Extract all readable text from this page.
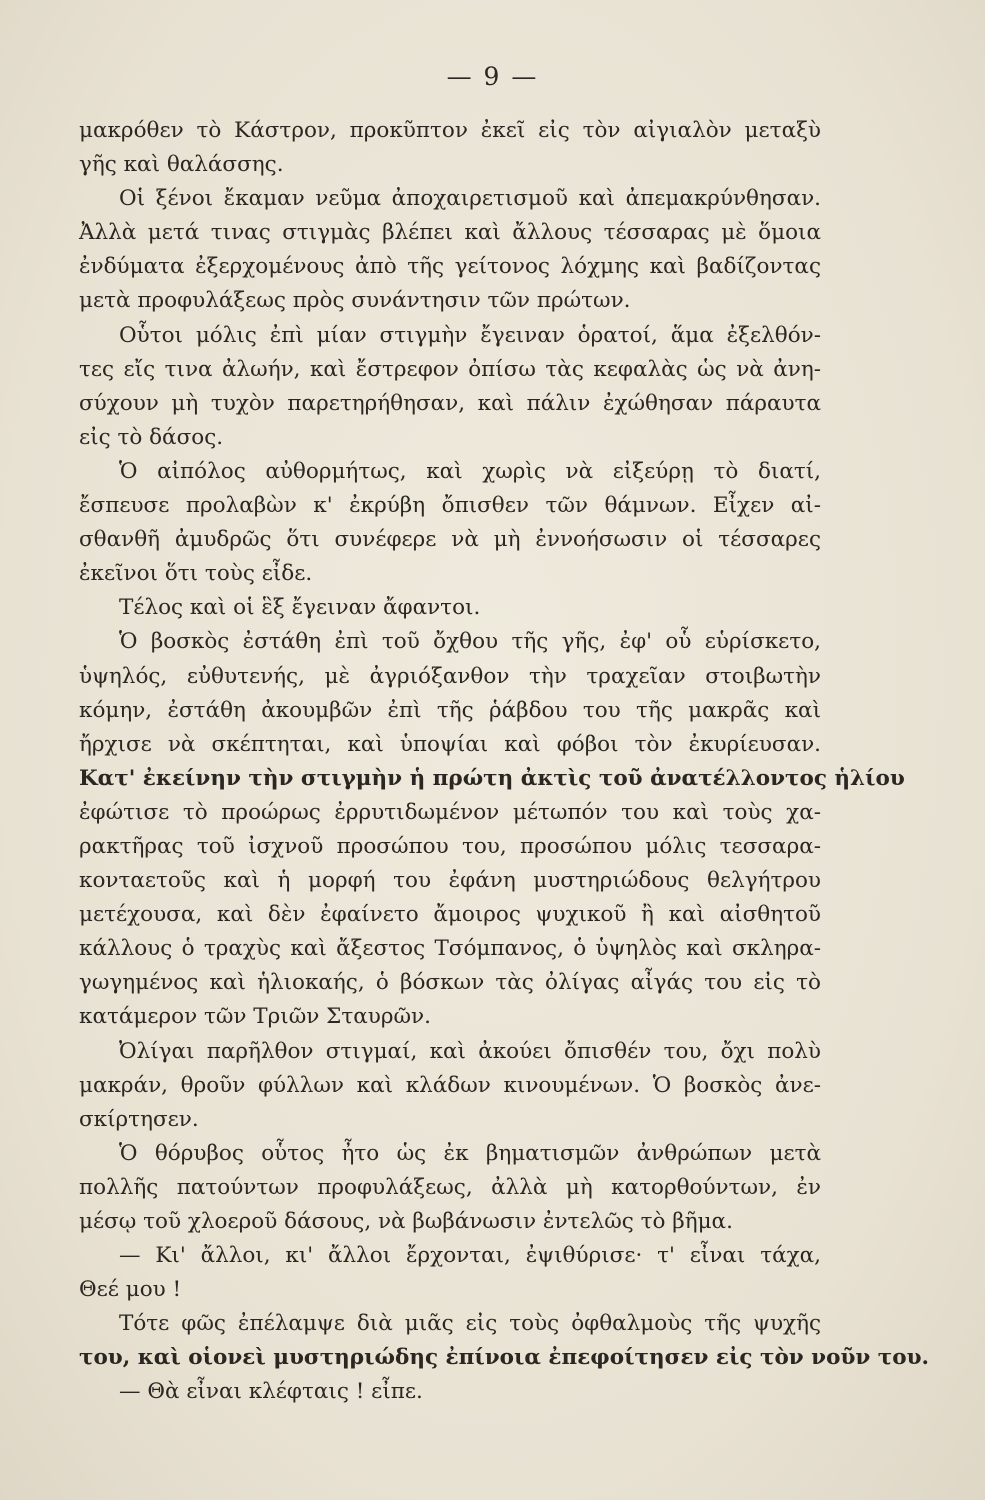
— 9 —
μακρόθεν τὸ Κάστρον, προκῦπτον ἐκεῖ εἰς τὸν αἰγιαλὸν μεταξὺ
γῆς καὶ θαλάσσης.
Οἱ ξένοι ἔκαμαν νεῦμα ἀποχαιρετισμοῦ καὶ ἀπεμακρύνθησαν.
Ἀλλὰ μετά τινας στιγμὰς βλέπει καὶ ἄλλους τέσσαρας μὲ ὅμοια
ἐνδύματα ἐξερχομένους ἀπὸ τῆς γείτονος λόχμης καὶ βαδίζοντας
μετὰ προφυλάξεως πρὸς συνάντησιν τῶν πρώτων.
Οὗτοι μόλις ἐπὶ μίαν στιγμὴν ἔγειναν ὁρατοί, ἅμα ἐξελθόν-
τες εἴς τινα ἀλωήν, καὶ ἔστρεφον ὀπίσω τὰς κεφαλὰς ὡς νὰ ἀνη-
σύχουν μὴ τυχὸν παρετηρήθησαν, καὶ πάλιν ἐχώθησαν πάραυτα
εἰς τὸ δάσος.
Ὁ αἰπόλος αὐθορμήτως, καὶ χωρὶς νὰ εἰξεύρῃ τὸ διατί,
ἔσπευσε προλαβὼν κ' ἐκρύβη ὄπισθεν τῶν θάμνων. Εἶχεν αἰ-
σθανθῆ ἀμυδρῶς ὅτι συνέφερε νὰ μὴ ἐννοήσωσιν οἱ τέσσαρες
ἐκεῖνοι ὅτι τοὺς εἶδε.
Τέλος καὶ οἱ ἓξ ἔγειναν ἄφαντοι.
Ὁ βοσκὸς ἐστάθη ἐπὶ τοῦ ὄχθου τῆς γῆς, ἐφ' οὗ εὑρίσκετο,
ὑψηλός, εὐθυτενής, μὲ ἀγριόξανθον τὴν τραχεῖαν στοιβωτὴν
κόμην, ἐστάθη ἀκουμβῶν ἐπὶ τῆς ῥάβδου του τῆς μακρᾶς καὶ
ἤρχισε νὰ σκέπτηται, καὶ ὑποψίαι καὶ φόβοι τὸν ἐκυρίευσαν.
Κατ' ἐκείνην τὴν στιγμὴν ἡ πρώτη ἀκτὶς τοῦ ἀνατέλλοντος ἡλίου
ἐφώτισε τὸ προώρως ἐρρυτιδωμένον μέτωπόν του καὶ τοὺς χα-
ρακτῆρας τοῦ ἰσχνοῦ προσώπου του, προσώπου μόλις τεσσαρα-
κονταετοῦς καὶ ἡ μορφή του ἐφάνη μυστηριώδους θελγήτρου
μετέχουσα, καὶ δὲν ἐφαίνετο ἄμοιρος ψυχικοῦ ἢ καὶ αἰσθητοῦ
κάλλους ὁ τραχὺς καὶ ἄξεστος Τσόμπανος, ὁ ὑψηλὸς καὶ σκληρα-
γωγημένος καὶ ἡλιοκαής, ὁ βόσκων τὰς ὀλίγας αἶγάς του εἰς τὸ
κατάμερον τῶν Τριῶν Σταυρῶν.
Ὀλίγαι παρῆλθον στιγμαί, καὶ ἀκούει ὄπισθέν του, ὄχι πολὺ
μακράν, θροῦν φύλλων καὶ κλάδων κινουμένων. Ὁ βοσκὸς ἀνε-
σκίρτησεν.
Ὁ θόρυβος οὗτος ἦτο ὡς ἐκ βηματισμῶν ἀνθρώπων μετὰ
πολλῆς πατούντων προφυλάξεως, ἀλλὰ μὴ κατορθούντων, ἐν
μέσῳ τοῦ χλοεροῦ δάσους, νὰ βωβάνωσιν ἐντελῶς τὸ βῆμα.
— Κι' ἄλλοι, κι' ἄλλοι ἔρχονται, ἐψιθύρισε· τ' εἶναι τάχα,
Θεέ μου !
Τότε φῶς ἐπέλαμψε διὰ μιᾶς εἰς τοὺς ὀφθαλμοὺς τῆς ψυχῆς
του, καὶ οἱονεὶ μυστηριώδης ἐπίνοια ἐπεφοίτησεν εἰς τὸν νοῦν του.
— Θὰ εἶναι κλέφταις ! εἶπε.
